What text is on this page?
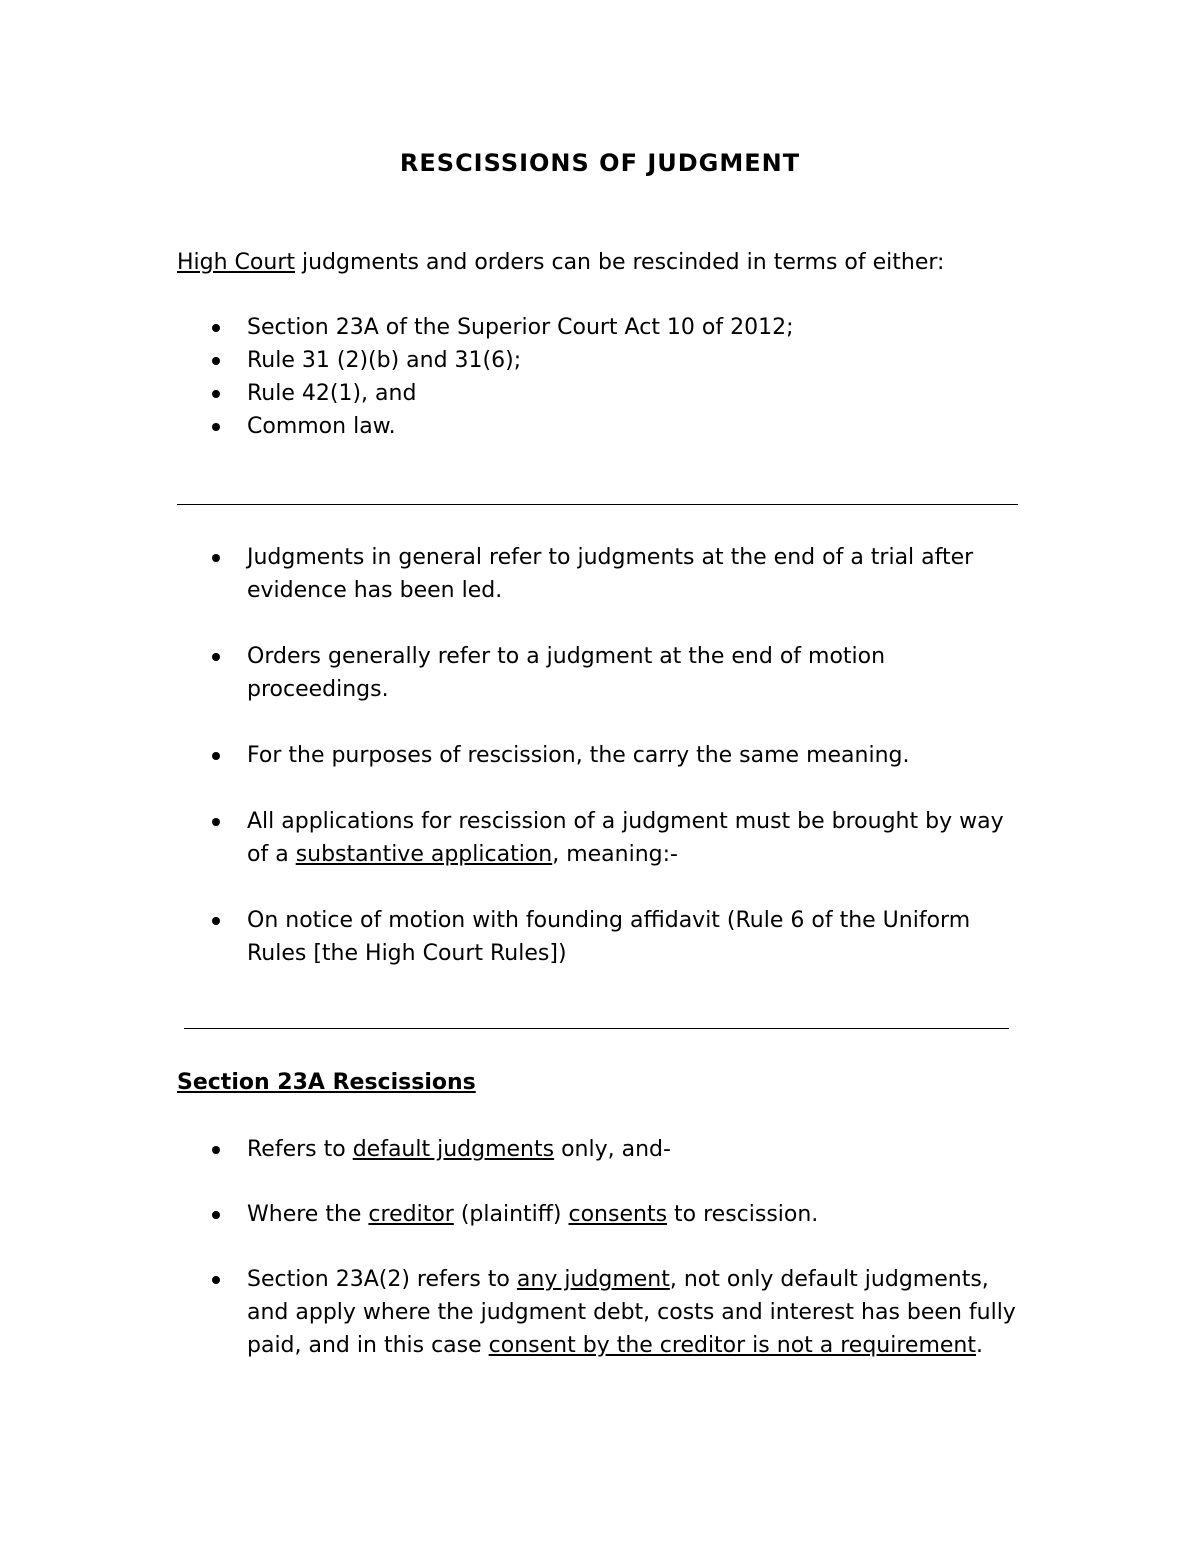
RESCISSIONS OF JUDGMENT
High Court judgments and orders can be rescinded in terms of either:
Section 23A of the Superior Court Act 10 of 2012;
Rule 31 (2)(b) and 31(6);
Rule 42(1), and
Common law.
Judgments in general refer to judgments at the end of a trial after evidence has been led.
Orders generally refer to a judgment at the end of motion proceedings.
For the purposes of rescission, the carry the same meaning.
All applications for rescission of a judgment must be brought by way of a substantive application, meaning:-
On notice of motion with founding affidavit (Rule 6 of the Uniform Rules [the High Court Rules])
Section 23A Rescissions
Refers to default judgments only, and-
Where the creditor (plaintiff) consents to rescission.
Section 23A(2) refers to any judgment, not only default judgments, and apply where the judgment debt, costs and interest has been fully paid, and in this case consent by the creditor is not a requirement.
